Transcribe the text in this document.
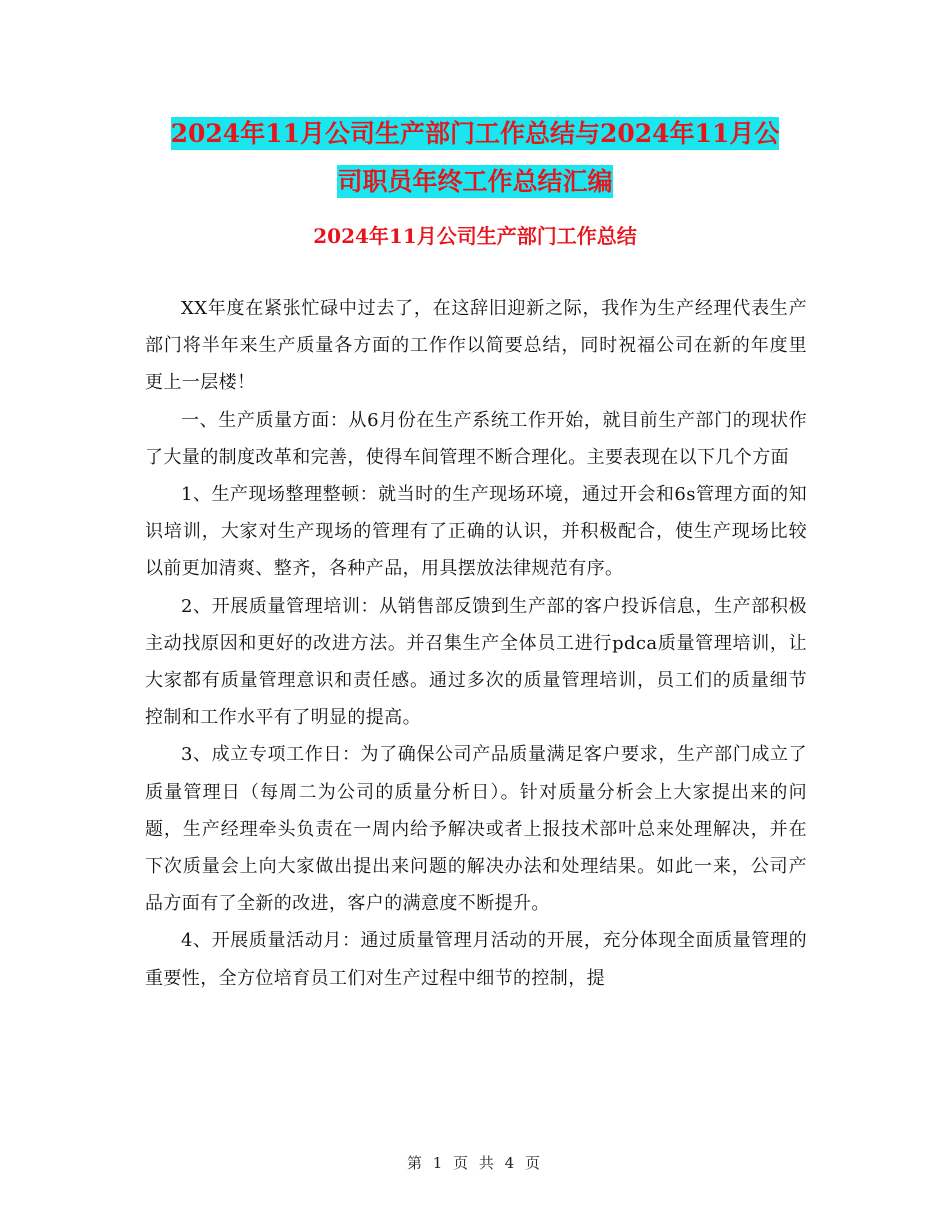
2024年11月公司生产部门工作总结与2024年11月公
司职员年终工作总结汇编
2024年11月公司生产部门工作总结

XX年度在紧张忙碌中过去了，在这辞旧迎新之际，我作为生产经理代表生产部门将半年来生产质量各方面的工作作以简要总结，同时祝福公司在新的年度里更上一层楼！

一、生产质量方面：从6月份在生产系统工作开始，就目前生产部门的现状作了大量的制度改革和完善，使得车间管理不断合理化。主要表现在以下几个方面

1、生产现场整理整顿：就当时的生产现场环境，通过开会和6s管理方面的知识培训，大家对生产现场的管理有了正确的认识，并积极配合，使生产现场比较以前更加清爽、整齐，各种产品，用具摆放法律规范有序。

2、开展质量管理培训：从销售部反馈到生产部的客户投诉信息，生产部积极主动找原因和更好的改进方法。并召集生产全体员工进行pdca质量管理培训，让大家都有质量管理意识和责任感。通过多次的质量管理培训，员工们的质量细节控制和工作水平有了明显的提高。

3、成立专项工作日：为了确保公司产品质量满足客户要求，生产部门成立了质量管理日（每周二为公司的质量分析日）。针对质量分析会上大家提出来的问题，生产经理牵头负责在一周内给予解决或者上报技术部叶总来处理解决，并在下次质量会上向大家做出提出来问题的解决办法和处理结果。如此一来，公司产品方面有了全新的改进，客户的满意度不断提升。

4、开展质量活动月：通过质量管理月活动的开展，充分体现全面质量管理的重要性，全方位培育员工们对生产过程中细节的控制，提

第 1 页 共 4 页
